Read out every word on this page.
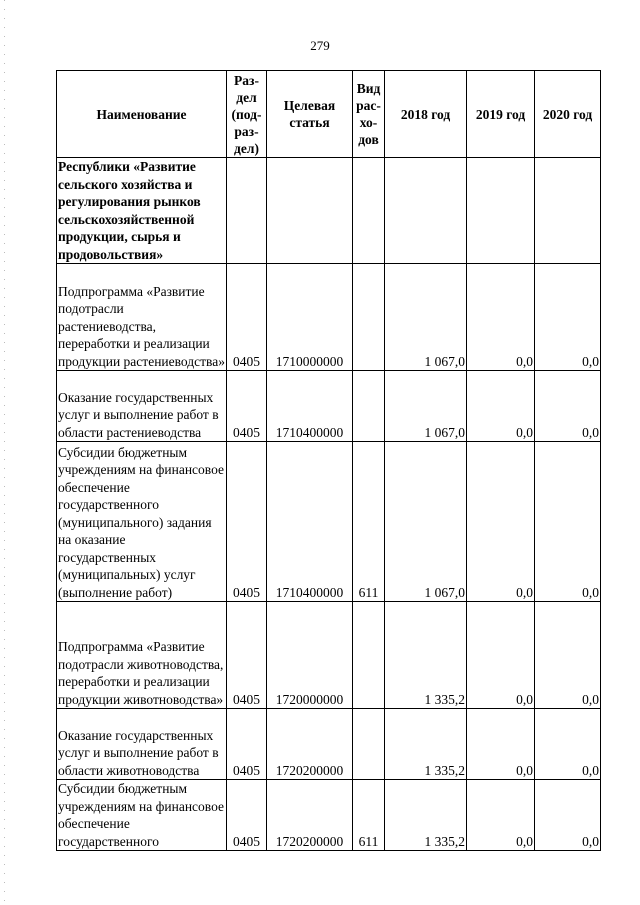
279
Наименование	Раз-дел (под-раз-дел)	Целевая статья	Вид рас-хо-дов	2018 год	2019 год	2020 год
Республики «Развитие сельского хозяйства и регулирования рынков сельскохозяйственной продукции, сырья и продовольствия»						
Подпрограмма «Развитие подотрасли растениеводства, переработки и реализации продукции растениеводства»	0405	1710000000		1 067,0	0,0	0,0
Оказание государственных услуг и выполнение работ в области растениеводства	0405	1710400000		1 067,0	0,0	0,0
Субсидии бюджетным учреждениям на финансовое обеспечение государственного (муниципального) задания на оказание государственных (муниципальных) услуг (выполнение работ)	0405	1710400000	611	1 067,0	0,0	0,0
Подпрограмма «Развитие подотрасли животноводства, переработки и реализации продукции животноводства»	0405	1720000000		1 335,2	0,0	0,0
Оказание государственных услуг и выполнение работ в области животноводства	0405	1720200000		1 335,2	0,0	0,0
Субсидии бюджетным учреждениям на финансовое обеспечение государственного	0405	1720200000	611	1 335,2	0,0	0,0
